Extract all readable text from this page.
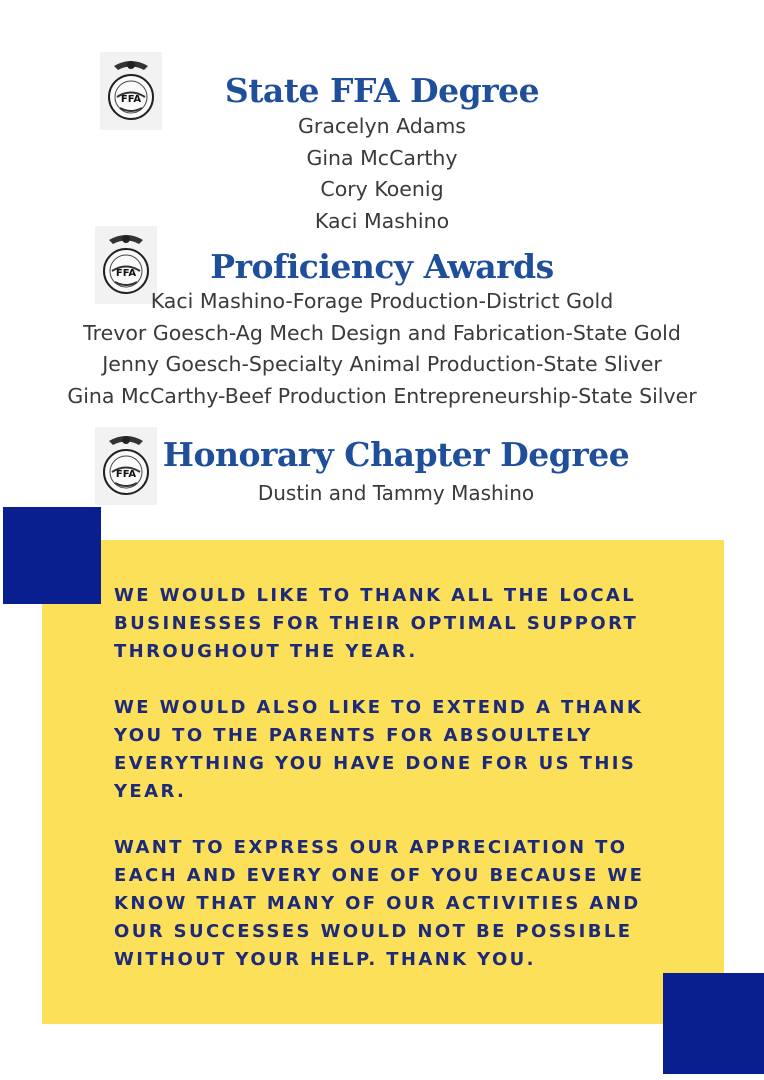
FFA
FFA
FFA
State FFA Degree
Gracelyn Adams
Gina McCarthy
Cory Koenig
Kaci Mashino
Proficiency Awards
Kaci Mashino-Forage Production-District Gold
Trevor Goesch-Ag Mech Design and Fabrication-State Gold
Jenny Goesch-Specialty Animal Production-State Sliver
Gina McCarthy-Beef Production Entrepreneurship-State Silver
Honorary Chapter Degree
Dustin and Tammy Mashino

WE WOULD LIKE TO THANK ALL THE LOCAL BUSINESSES FOR THEIR OPTIMAL SUPPORT THROUGHOUT THE YEAR.

WE WOULD ALSO LIKE TO EXTEND A THANK YOU TO THE PARENTS FOR ABSOULTELY EVERYTHING YOU HAVE DONE FOR US THIS YEAR.

WANT TO EXPRESS OUR APPRECIATION TO EACH AND EVERY ONE OF YOU BECAUSE WE KNOW THAT MANY OF OUR ACTIVITIES AND OUR SUCCESSES WOULD NOT BE POSSIBLE WITHOUT YOUR HELP. THANK YOU.
